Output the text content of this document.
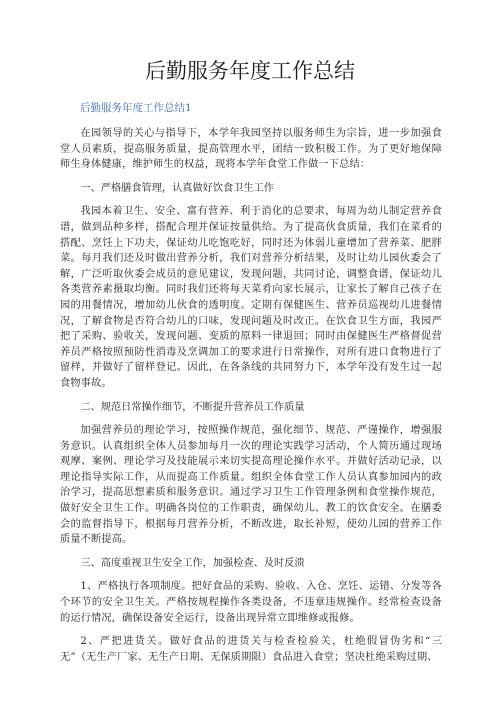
后勤服务年度工作总结
后勤服务年度工作总结1

在园领导的关心与指导下，本学年我园坚持以服务师生为宗旨，进一步加强食堂人员素质，提高服务质量，提高管理水平，团结一致积极工作。为了更好地保障师生身体健康，维护师生的权益，现将本学年食堂工作做一下总结：

一、严格膳食管理，认真做好饮食卫生工作

我园本着卫生、安全、富有营养、利于消化的总要求，每周为幼儿制定营养食谱，做到品种多样，搭配合理并保证按量供给。为了提高伙食质量，我们在菜肴的搭配、烹饪上下功夫，保证幼儿吃饱吃好，同时还为体弱儿童增加了营养菜、肥胖菜。每月我们还及时做出营养分析，我们对营养分析结果，及时让幼儿园伙委会了解，广泛听取伙委会成员的意见建议，发现问题，共同讨论，调整食谱，保证幼儿各类营养素摄取均衡。同时我们还将每天菜肴向家长展示，让家长了解自己孩子在园的用餐情况，增加幼儿伙食的透明度。定期有保健医生、营养员巡视幼儿进餐情况，了解食物是否符合幼儿的口味，发现问题及时改正。在饮食卫生方面，我园严把了采购、验收关，发现问题、变质的原料一律退回；同时由保健医生严格督促营养员严格按照预防性消毒及烹调加工的要求进行日常操作，对所有进口食物进行了留样，并做好了留样登记。因此，在各条线的共同努力下，本学年没有发生过一起食物事故。

二、规范日常操作细节，不断提升营养员工作质量

加强营养员的理论学习，按照操作规范，强化细节、规范、严谨操作，增强服务意识。认真组织全体人员参加每月一次的理论实践学习活动，个人简历通过现场观摩、案例、理论学习及技能展示来切实提高理论操作水平。并做好活动记录，以理论指导实际工作，从而提高工作质量。组织全体食堂工作人员认真参加园内的政治学习，提高思想素质和服务意识。通过学习卫生工作管理条例和食堂操作规范，做好安全卫生工作。明确各岗位的工作职责，确保幼儿、教工的饮食安全。在膳委会的监督指导下，根据每月营养分析，不断改进，取长补短，使幼儿园的营养工作质量不断提高。

三、高度重视卫生安全工作，加强检查、及时反溃

1、严格执行各项制度。把好食品的采购、验收、入仓、烹饪、运错、分发等各个环节的安全卫生关。严格按规程操作各类设备，不违章违规操作。经常检查设备的运行情况，确保设备安全运行，设备出现异常立即维修或报修。

2、严把进货关。做好食品的进货关与检查检验关，杜绝假冒伪劣和“三 无”（无生产厂家、无生产日期、无保质期限）食品进入食堂；坚决杜绝采购过期、
